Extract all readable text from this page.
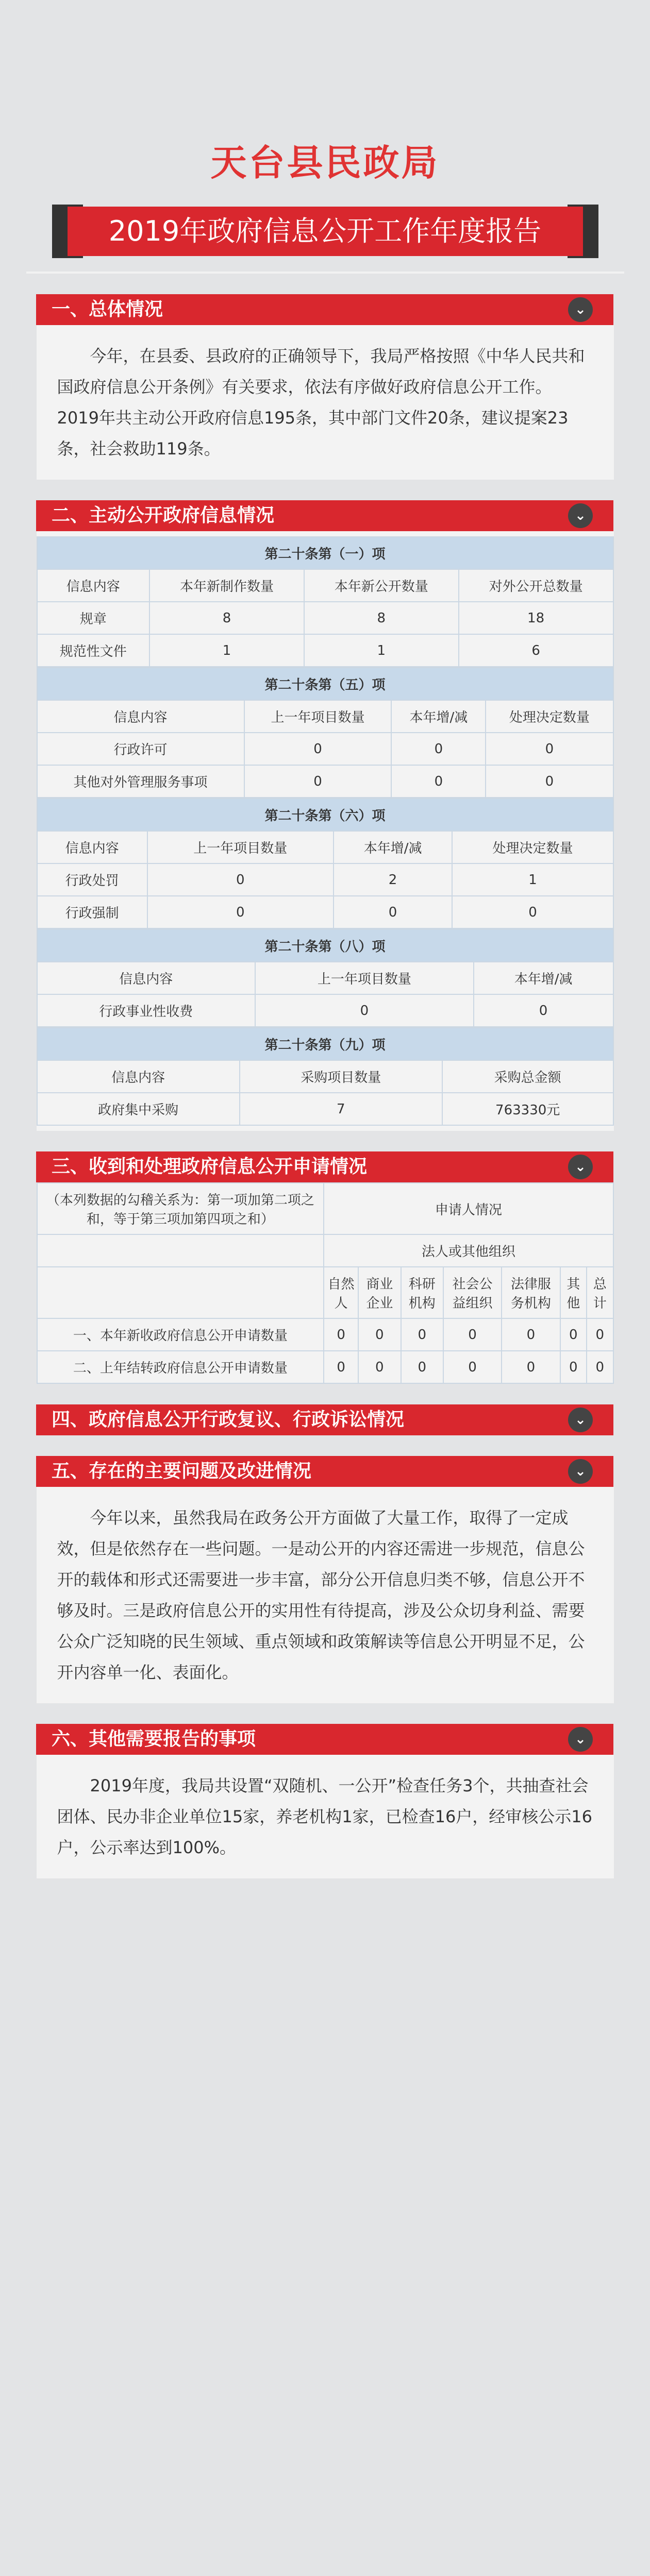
天台县民政局
2019年政府信息公开工作年度报告
一、总体情况	⌄
今年，在县委、县政府的正确领导下，我局严格按照《中华人民共和国政府信息公开条例》有关要求，依法有序做好政府信息公开工作。2019年共主动公开政府信息195条，其中部门文件20条，建议提案23条，社会救助119条。
二、主动公开政府信息情况	⌄
第二十条第（一）项			
信息内容	本年新制作数量	本年新公开数量	对外公开总数量
规章	8	8	18
规范性文件	1	1	6
第二十条第（五）项			
信息内容	上一年项目数量	本年增/减	处理决定数量
行政许可	0	0	0
其他对外管理服务事项	0	0	0
第二十条第（六）项			
信息内容	上一年项目数量	本年增/减	处理决定数量
行政处罚	0	2	1
行政强制	0	0	0
第二十条第（八）项		
信息内容	上一年项目数量	本年增/减
行政事业性收费	0	0
第二十条第（九）项		
信息内容	采购项目数量	采购总金额
政府集中采购	7	763330元
三、收到和处理政府信息公开申请情况	⌄
（本列数据的勾稽关系为：第一项加第二项之和，等于第三项加第四项之和）	申请人情况						
	法人或其他组织						
	自然人	商业企业	科研机构	社会公益组织	法律服务机构	其他	总计
一、本年新收政府信息公开申请数量	0	0	0	0	0	0	0
二、上年结转政府信息公开申请数量	0	0	0	0	0	0	0
四、政府信息公开行政复议、行政诉讼情况	⌄
五、存在的主要问题及改进情况	⌄
今年以来，虽然我局在政务公开方面做了大量工作，取得了一定成效，但是依然存在一些问题。一是动公开的内容还需进一步规范，信息公开的载体和形式还需要进一步丰富，部分公开信息归类不够，信息公开不够及时。三是政府信息公开的实用性有待提高，涉及公众切身利益、需要公众广泛知晓的民生领域、重点领域和政策解读等信息公开明显不足，公开内容单一化、表面化。
六、其他需要报告的事项	⌄
2019年度，我局共设置“双随机、一公开”检查任务3个，共抽查社会团体、民办非企业单位15家，养老机构1家，已检查16户，经审核公示16户，公示率达到100%。
